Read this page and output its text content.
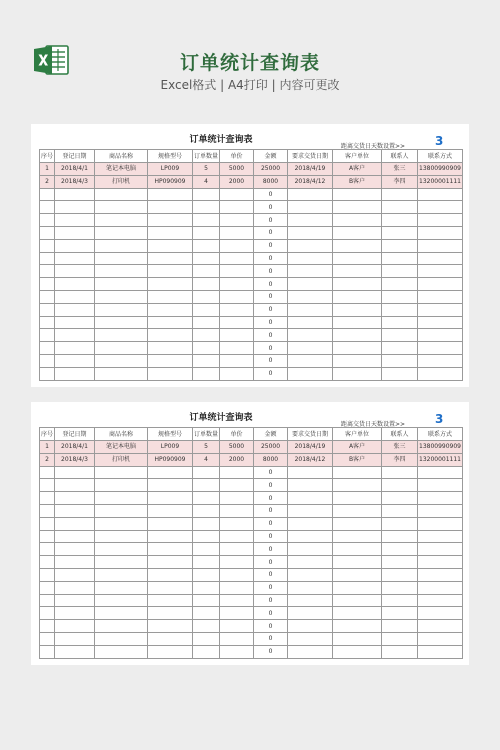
订单统计查询表
Excel格式 | A4打印 | 内容可更改
订单统计查询表
距离交货日天数设置>> 3
序号	登记日期	商品名称	规格型号	订单数量	单价	金额	要求交货日期	客户单位	联系人	联系方式
1	2018/4/1	笔记本电脑	LP009	5	5000	25000	2018/4/19	A客户	张三	13800990909
2	2018/4/3	打印机	HP090909	4	2000	8000	2018/4/12	B客户	李四	13200001111
						0				
						0				
						0				
						0				
						0				
						0				
						0				
						0				
						0				
						0				
						0				
						0				
						0				
						0				
						0				
订单统计查询表
距离交货日天数设置>> 3
序号	登记日期	商品名称	规格型号	订单数量	单价	金额	要求交货日期	客户单位	联系人	联系方式
1	2018/4/1	笔记本电脑	LP009	5	5000	25000	2018/4/19	A客户	张三	13800990909
2	2018/4/3	打印机	HP090909	4	2000	8000	2018/4/12	B客户	李四	13200001111
						0				
						0				
						0				
						0				
						0				
						0				
						0				
						0				
						0				
						0				
						0				
						0				
						0				
						0				
						0				
